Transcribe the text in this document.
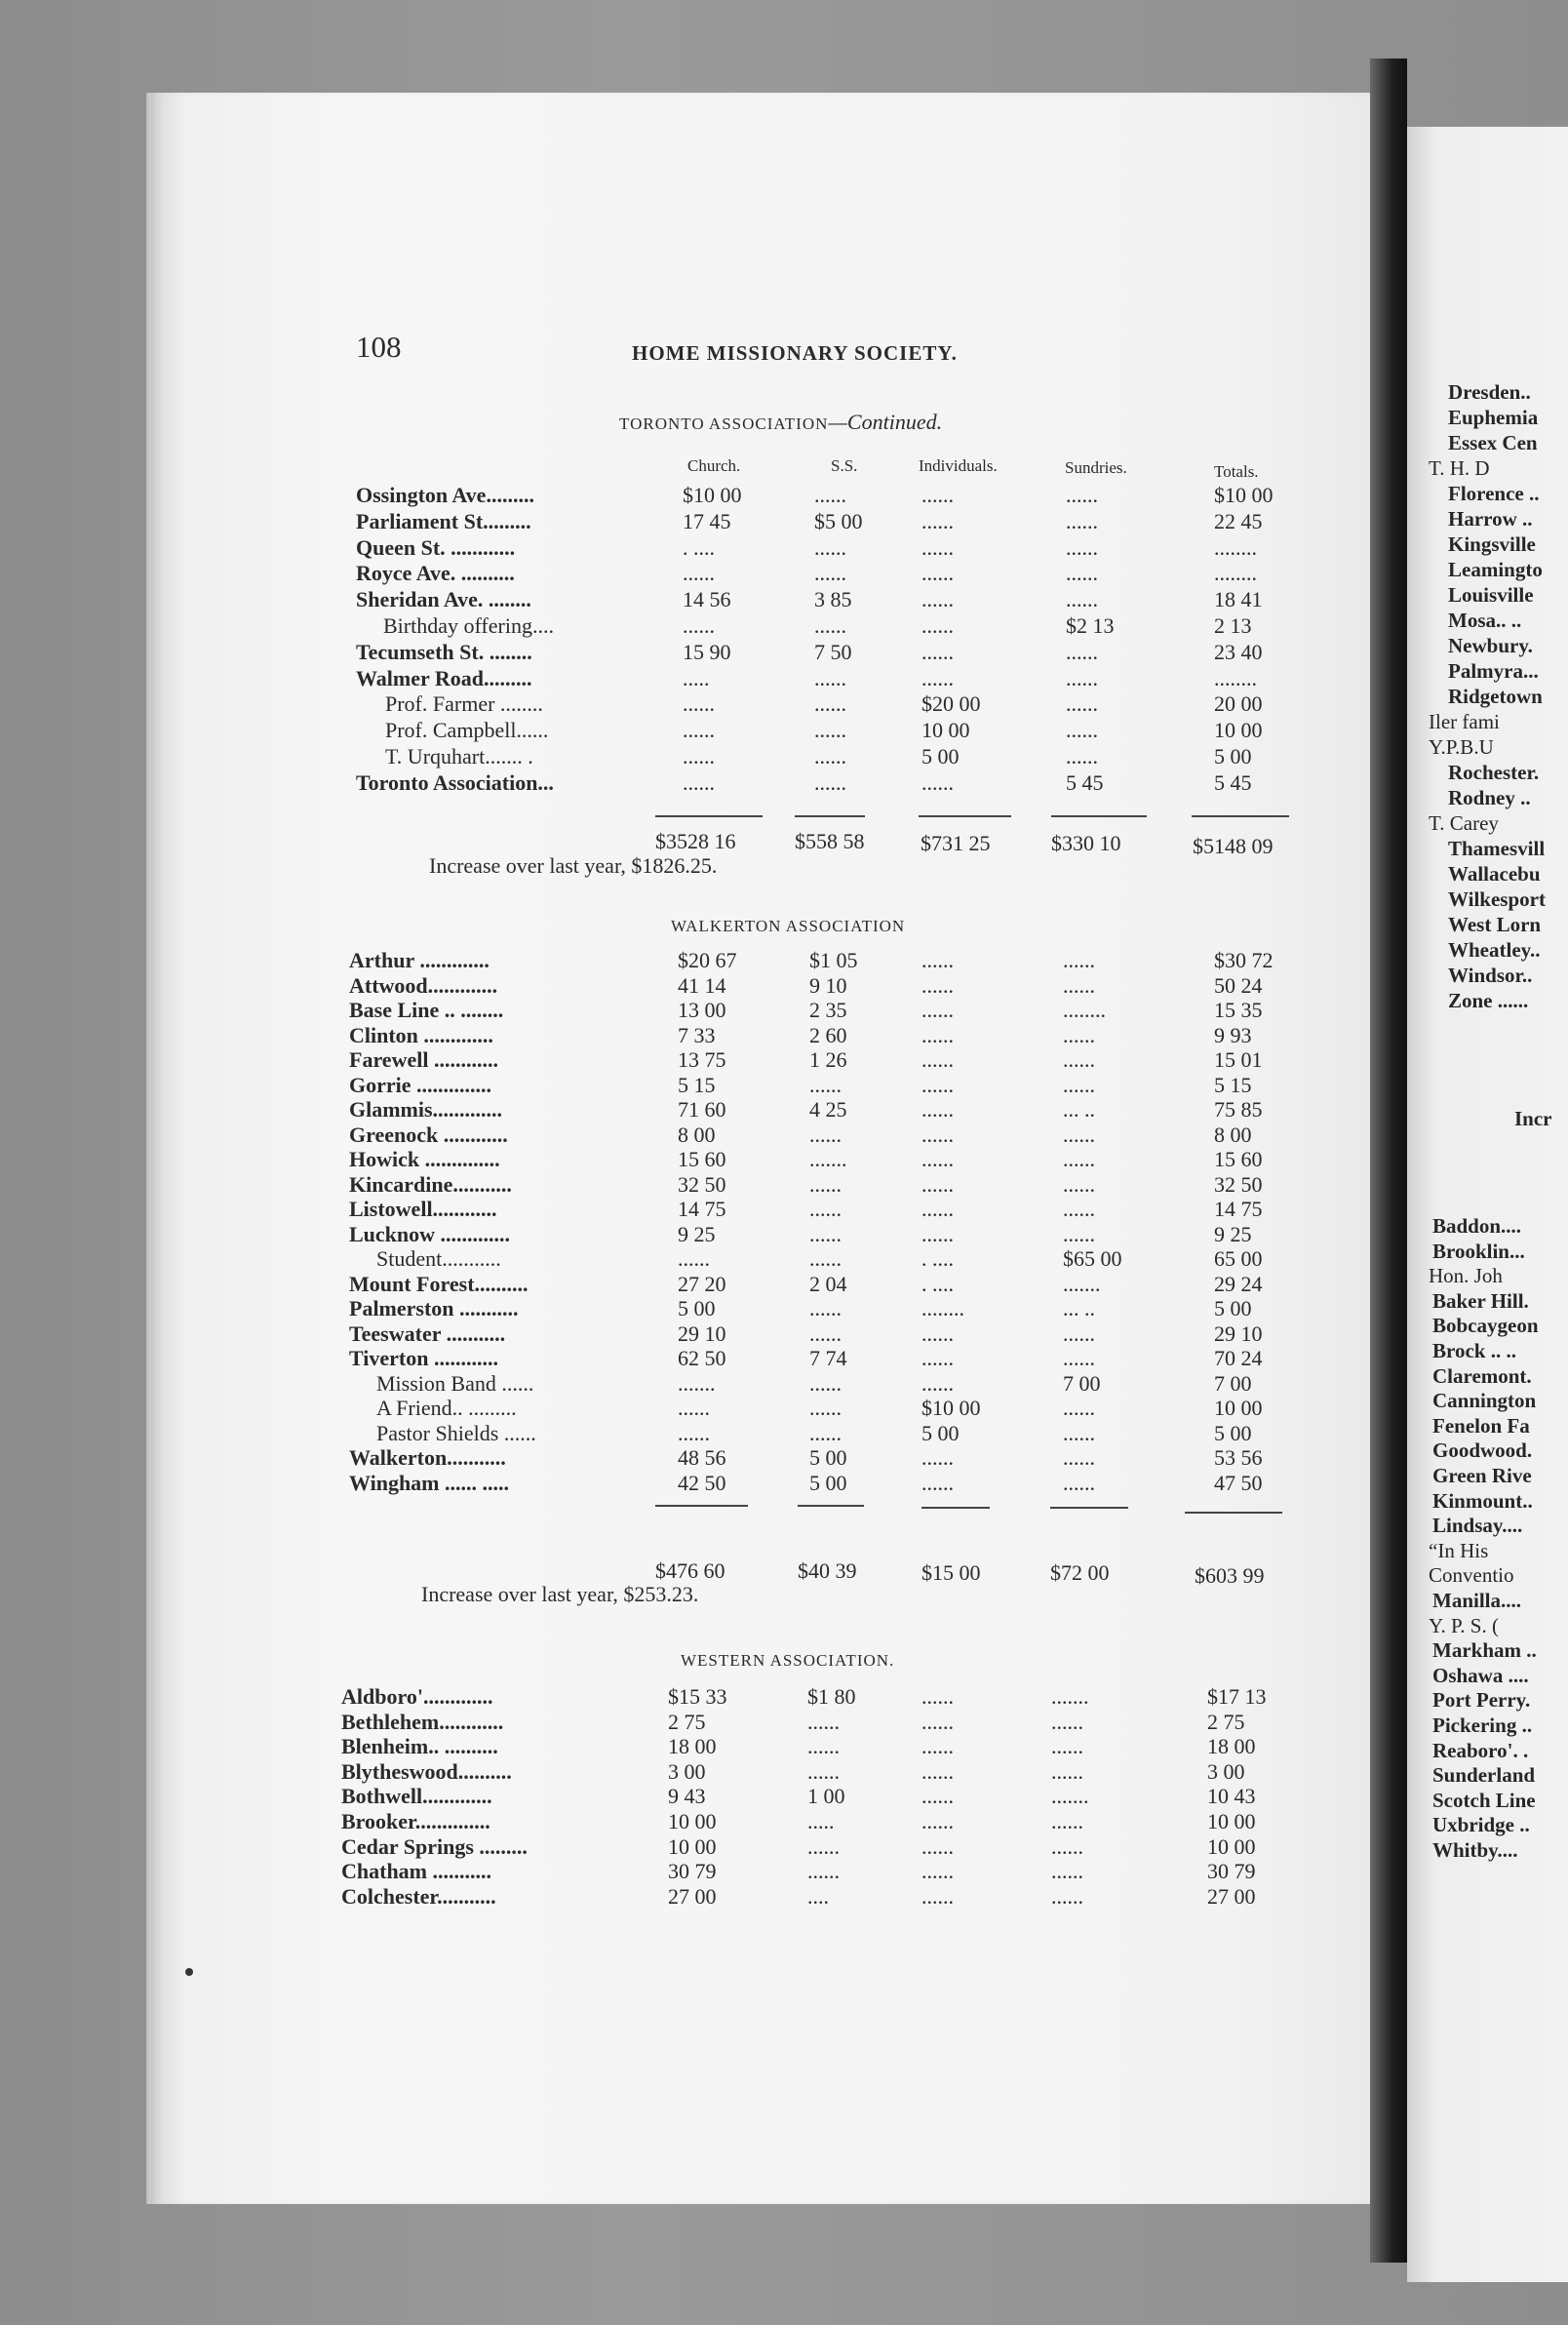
Dresden..
Euphemia
Essex Cen
T. H. D
Florence ..
Harrow ..
Kingsville
Leamingto
Louisville
Mosa.. ..
Newbury.
Palmyra...
Ridgetown
Iler fami
Y.P.B.U
Rochester.
Rodney ..
T. Carey
Thamesvill
Wallacebu
Wilkesport
West Lorn
Wheatley..
Windsor..
Zone ......
Incr
Baddon....
Brooklin...
Hon. Joh
Baker Hill.
Bobcaygeon
Brock .. ..
Claremont.
Cannington
Fenelon Fa
Goodwood.
Green Rive
Kinmount..
Lindsay....
“In His
Conventio
Manilla....
Y. P. S. (
Markham ..
Oshawa ....
Port Perry.
Pickering ..
Reaboro'. .
Sunderland
Scotch Line
Uxbridge ..
Whitby....
108	HOME MISSIONARY SOCIETY.
TORONTO ASSOCIATION—Continued.
Church.	S.S.	Individuals.	Sundries.	Totals.
Ossington Ave.........	$10 00	......	......	......	$10 00
Parliament St.........	17 45	$5 00	......	......	22 45
Queen St. ............	. ....	......	......	......	........
Royce Ave. ..........	......	......	......	......	........
Sheridan Ave. ........	14 56	3 85	......	......	18 41
Birthday offering....	......	......	......	$2 13	2 13
Tecumseth St. ........	15 90	7 50	......	......	23 40
Walmer Road.........	.....	......	......	......	........
Prof. Farmer ........	......	......	$20 00	......	20 00
Prof. Campbell......	......	......	10 00	......	10 00
T. Urquhart....... .	......	......	5 00	......	5 00
Toronto Association...	......	......	......	5 45	5 45
Arthur ......‌.......	$20 67	$1 05	......	......	$30 72
Attwood.............	41 14	9 10	......	......	50 24
Base Line .. ........	13 00	2 35	......	........	15 35
Clinton .............	7 33	2 60	......	......	9 93
Farewell ............	13 75	1 26	......	......	15 01
Gorrie ..............	5 15	......	......	......	5 15
Glammis.............	71 60	4 25	......	... ..	75 85
Greenock ............	8 00	......	......	......	8 00
Howick ..............	15 60	.......	......	......	15 60
Kincardine...........	32 50	......	......	......	32 50
Listowell............	14 75	......	......	......	14 75
Lucknow .............	9 25	......	......	......	9 25
Student...........	......	......	. ....	$65 00	65 00
Mount Forest..........	27 20	2 04	. ....	.......	29 24
Palmerston ...........	5 00	......	........	... ..	5 00
Teeswater ...........	29 10	......	......	......	29 10
Tiverton ............	62 50	7 74	......	......	70 24
Mission Band ......	.......	......	......	7 00	7 00
A Friend.. .........	......	......	$10 00	......	10 00
Pastor Shields ......	......	......	5 00	......	5 00
Walkerton...........	48 56	5 00	......	......	53 56
Wingham ...... .....	42 50	5 00	......	......	47 50
Aldboro'.............	$15 33	$1 80	......	.......	$17 13
Bethlehem............	2 75	......	......	......	2 75
Blenheim.. ..........	18 00	......	......	......	18 00
Blytheswood..........	3 00	......	......	......	3 00
Bothwell.............	9 43	1 00	......	.......	10 43
Brooker..............	10 00	.....	......	......	10 00
Cedar Springs .........	10 00	......	......	......	10 00
Chatham ...........	30 79	......	......	......	30 79
Colchester...........	27 00	....	......	......	27 00
WALKERTON ASSOCIATION
WESTERN ASSOCIATION.
$3528 16	$558 58	$731 25	$330 10	$5148 09
Increase over last year, $1826.25.
$476 60	$40 39	$15 00	$72 00	$603 99
Increase over last year, $253.23.
